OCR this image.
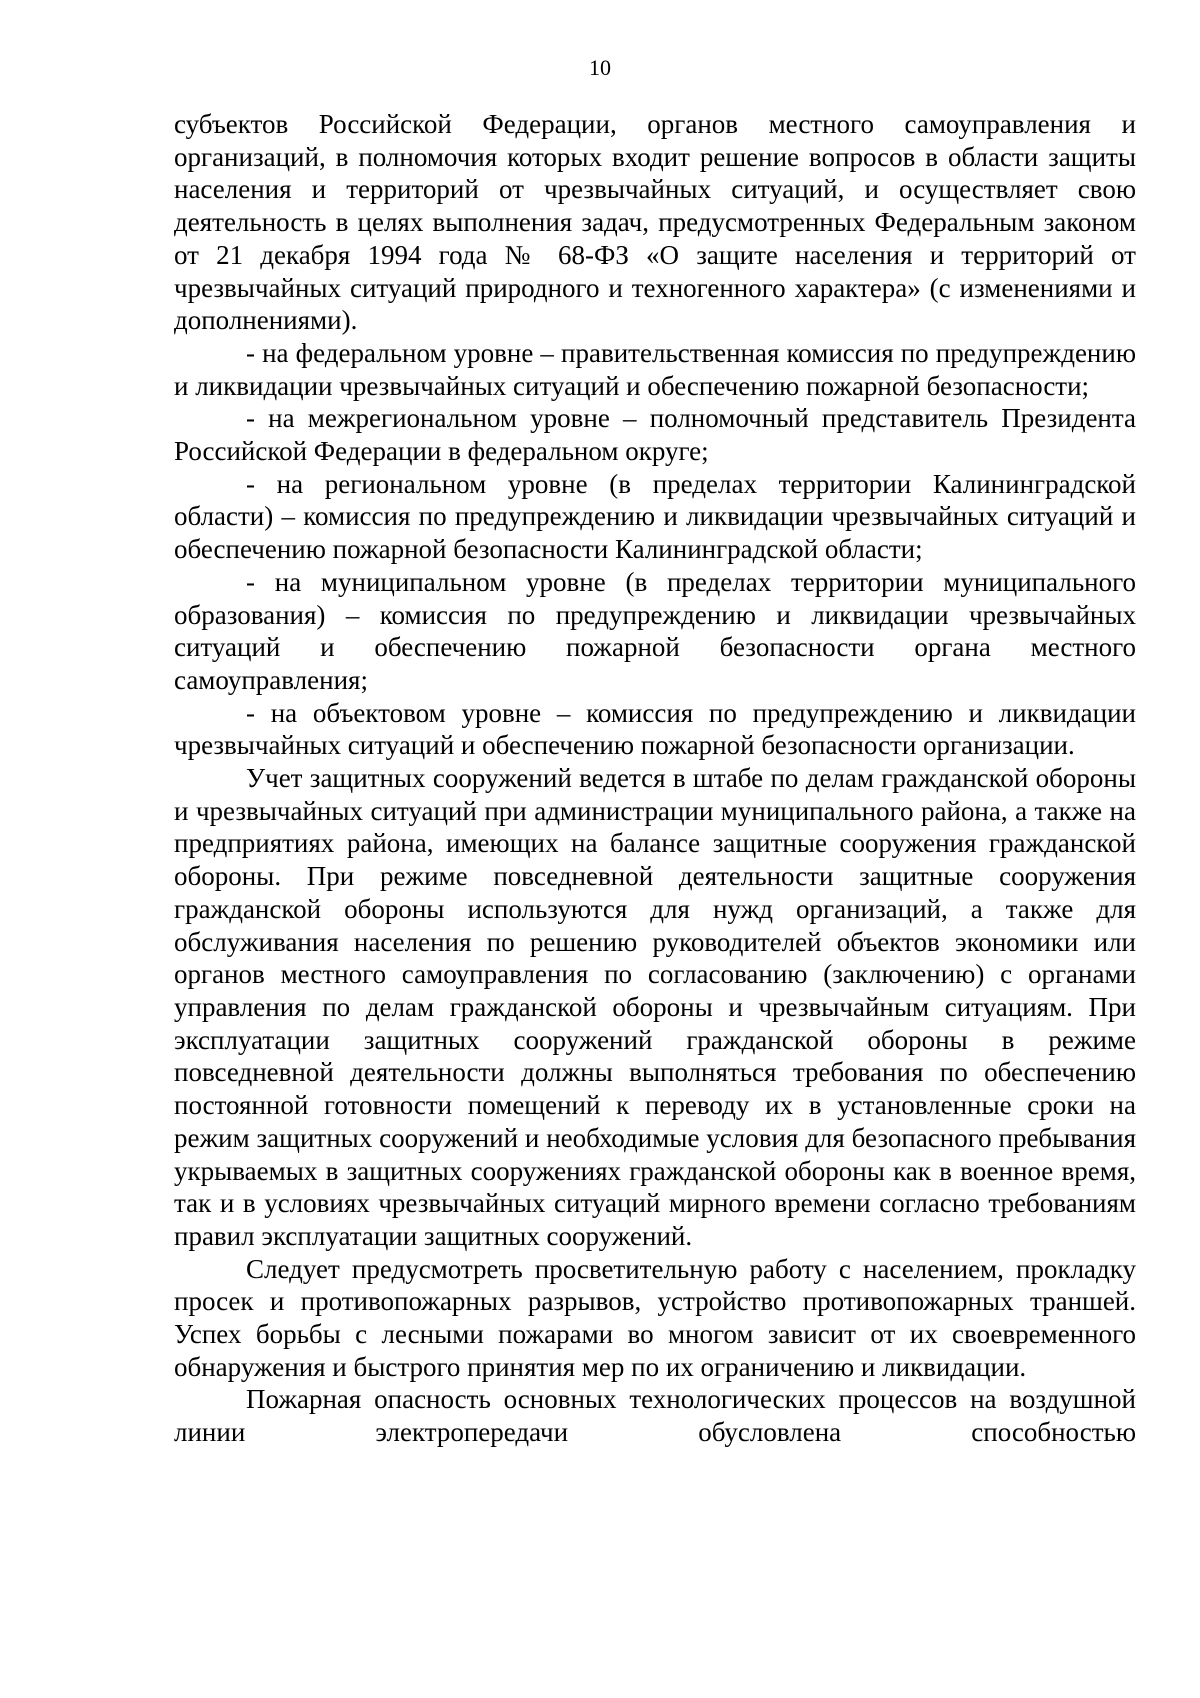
10

субъектов Российской Федерации, органов местного самоуправления и организаций, в полномочия которых входит решение вопросов в области защиты населения и территорий от чрезвычайных ситуаций, и осуществляет свою деятельность в целях выполнения задач, предусмотренных Федеральным законом от 21 декабря 1994 года № 68-ФЗ «О защите населения и территорий от чрезвычайных ситуаций природного и техногенного характера» (с изменениями и дополнениями).

- на федеральном уровне – правительственная комиссия по предупреждению и ликвидации чрезвычайных ситуаций и обеспечению пожарной безопасности;

- на межрегиональном уровне – полномочный представитель Президента Российской Федерации в федеральном округе;

- на региональном уровне (в пределах территории Калининградской области) – комиссия по предупреждению и ликвидации чрезвычайных ситуаций и обеспечению пожарной безопасности Калининградской области;

- на муниципальном уровне (в пределах территории муниципального образования) – комиссия по предупреждению и ликвидации чрезвычайных ситуаций и обеспечению пожарной безопасности органа местного самоуправления;

- на объектовом уровне – комиссия по предупреждению и ликвидации чрезвычайных ситуаций и обеспечению пожарной безопасности организации.

Учет защитных сооружений ведется в штабе по делам гражданской обороны и чрезвычайных ситуаций при администрации муниципального района, а также на предприятиях района, имеющих на балансе защитные сооружения гражданской обороны. При режиме повседневной деятельности защитные сооружения гражданской обороны используются для нужд организаций, а также для обслуживания населения по решению руководителей объектов экономики или органов местного самоуправления по согласованию (заключению) с органами управления по делам гражданской обороны и чрезвычайным ситуациям. При эксплуатации защитных сооружений гражданской обороны в режиме повседневной деятельности должны выполняться требования по обеспечению постоянной готовности помещений к переводу их в установленные сроки на режим защитных сооружений и необходимые условия для безопасного пребывания укрываемых в защитных сооружениях гражданской обороны как в военное время, так и в условиях чрезвычайных ситуаций мирного времени согласно требованиям правил эксплуатации защитных сооружений.

Следует предусмотреть просветительную работу с населением, прокладку просек и противопожарных разрывов, устройство противопожарных траншей. Успех борьбы с лесными пожарами во многом зависит от их своевременного обнаружения и быстрого принятия мер по их ограничению и ликвидации.

Пожарная опасность основных технологических процессов на воздушной линии электропередачи обусловлена способностью
